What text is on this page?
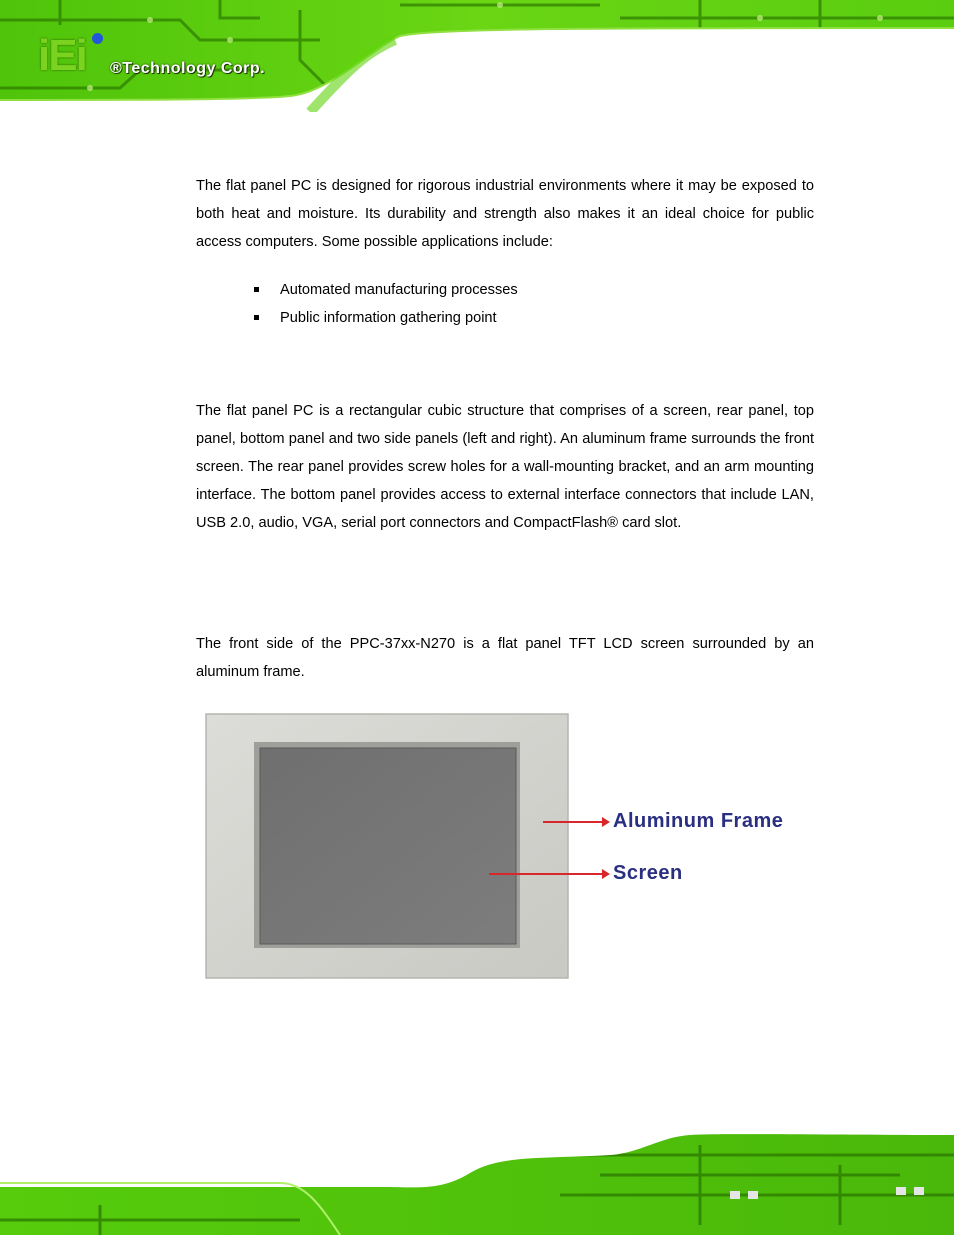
iEi ®Technology Corp.

The flat panel PC is designed for rigorous industrial environments where it may be exposed to both heat and moisture. Its durability and strength also makes it an ideal choice for public access computers. Some possible applications include:

Automated manufacturing processes
Public information gathering point

The flat panel PC is a rectangular cubic structure that comprises of a screen, rear panel, top panel, bottom panel and two side panels (left and right). An aluminum frame surrounds the front screen. The rear panel provides screw holes for a wall-mounting bracket, and an arm mounting interface. The bottom panel provides access to external interface connectors that include LAN, USB 2.0, audio, VGA, serial port connectors and CompactFlash® card slot.

The front side of the PPC-37xx-N270 is a flat panel TFT LCD screen surrounded by an aluminum frame.

Aluminum Frame
Screen
